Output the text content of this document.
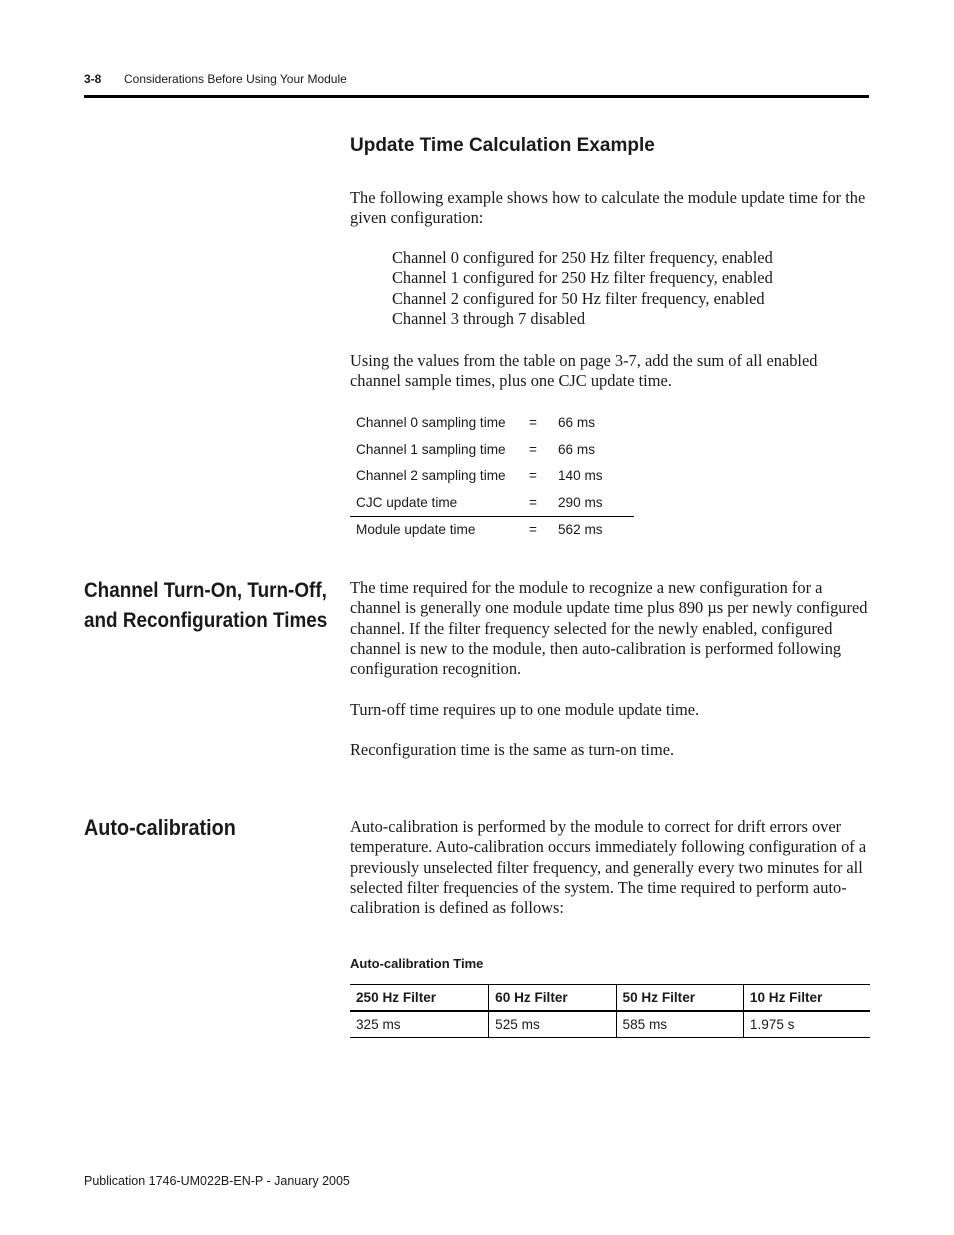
3-8 Considerations Before Using Your Module
Update Time Calculation Example
The following example shows how to calculate the module update time for the given configuration:
Channel 0 configured for 250 Hz filter frequency, enabled
Channel 1 configured for 250 Hz filter frequency, enabled
Channel 2 configured for 50 Hz filter frequency, enabled
Channel 3 through 7 disabled
Using the values from the table on page 3-7, add the sum of all enabled channel sample times, plus one CJC update time.
Channel 0 sampling time = 66 ms
Channel 1 sampling time = 66 ms
Channel 2 sampling time = 140 ms
CJC update time	= 290 ms
Module update time	= 562 ms
Channel Turn-On, Turn-Off,
and Reconfiguration Times
The time required for the module to recognize a new configuration for a channel is generally one module update time plus 890 µs per newly configured channel. If the filter frequency selected for the newly enabled, configured channel is new to the module, then auto-calibration is performed following configuration recognition.
Turn-off time requires up to one module update time.
Reconfiguration time is the same as turn-on time.
Auto-calibration	Auto-calibration is performed by the module to correct for drift errors over temperature. Auto-calibration occurs immediately following configuration of a previously unselected filter frequency, and generally every two minutes for all selected filter frequencies of the system. The time required to perform auto-calibration is defined as follows:
Auto-calibration Time
250 Hz Filter	60 Hz Filter	50 Hz Filter	10 Hz Filter
325 ms	525 ms	585 ms	1.975 s
Publication 1746-UM022B-EN-P - January 2005
